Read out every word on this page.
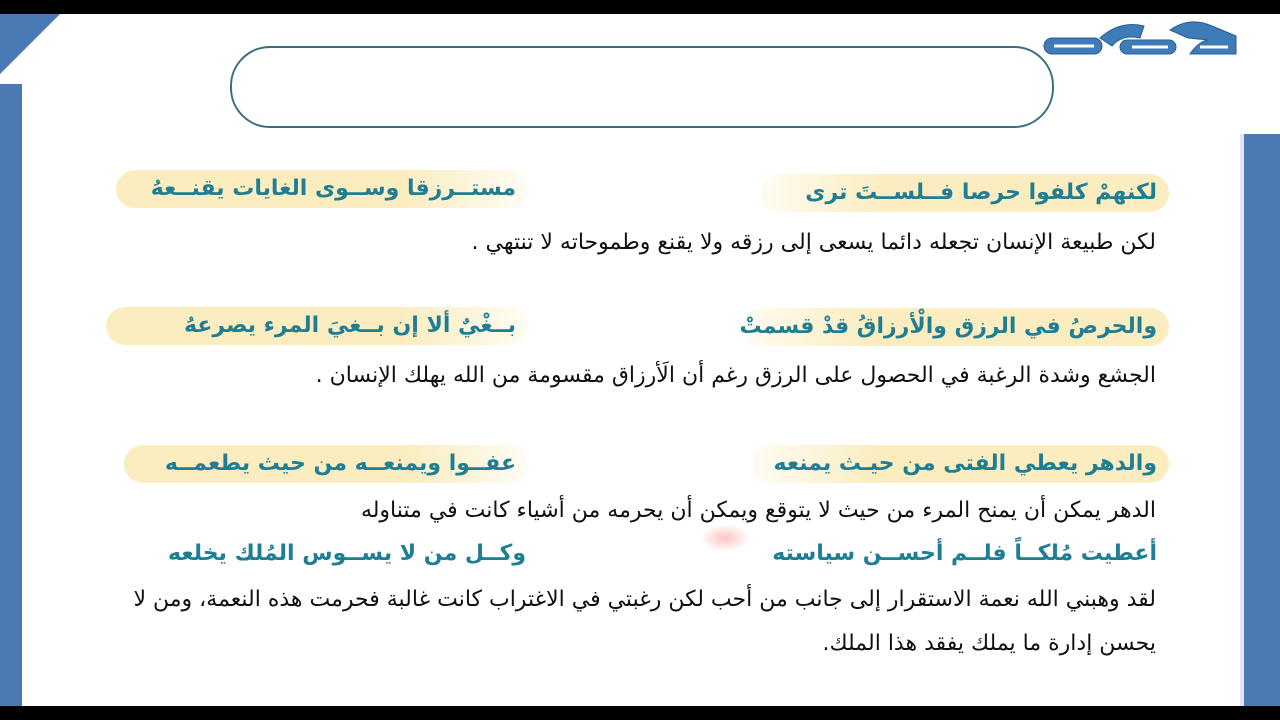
لكنهمْ كلفوا حرصا فــلســتَ ترى
مستــرزقا وســوى الغايات يقنــعهُ
لكن طبيعة الإنسان تجعله دائما يسعى إلى رزقه ولا يقنع وطموحاته لا تنتهي .
والحرصُ في الرزق والْأرزاقُ قدْ قسمتْ
بــغْيٌ ألا إن بــغيَ المرء يصرعهُ
الجشع وشدة الرغبة في الحصول على الرزق رغم أن الَأرزاق مقسومة من الله يهلك الإنسان .
والدهر يعطي الفتى من حيـث يمنعه
عفــوا ويمنعــه من حيث يطعمــه
الدهر يمكن أن يمنح المرء من حيث لا يتوقع ويمكن أن يحرمه من أشياء كانت في متناوله
أعطيت مُلكــاً فلــم أحســن سياسته
وكــل من لا يســوس المُلك يخلعه
لقد وهبني الله نعمة الاستقرار إلى جانب من أحب لكن رغبتي في الاغتراب كانت غالبة فحرمت هذه النعمة، ومن لا يحسن إدارة ما يملك يفقد هذا الملك.
